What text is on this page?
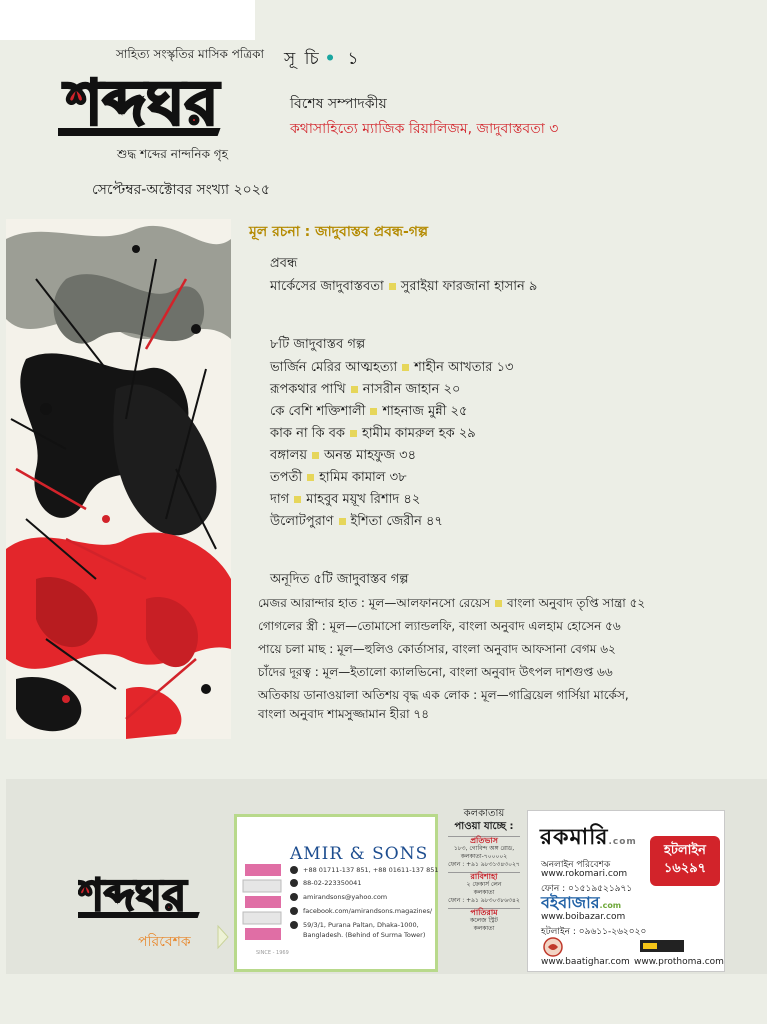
সাহিত্য সংস্কৃতির মাসিক পত্রিকা
শব্দঘর
শুদ্ধ শব্দের নান্দনিক গৃহ
সেপ্টেম্বর-অক্টোবর সংখ্যা ২০২৫
সূ চি • ১
বিশেষ সম্পাদকীয়
কথাসাহিত্যে ম্যাজিক রিয়ালিজম, জাদুবাস্তবতা ৩
মূল রচনা : জাদুবাস্তব প্রবন্ধ-গল্প
প্রবন্ধ
মার্কেসের জাদুবাস্তবতা সুরাইয়া ফারজানা হাসান ৯
৮টি জাদুবাস্তব গল্প
ভার্জিন মেরির আত্মহত্যা শাহীন আখতার ১৩
রূপকথার পাখি নাসরীন জাহান ২০
কে বেশি শক্তিশালী শাহনাজ মুন্নী ২৫
কাক না কি বক হামীম কামরুল হক ২৯
বঙ্গালয় অনন্ত মাহফুজ ৩৪
তপতী হামিম কামাল ৩৮
দাগ মাহবুব ময়ূখ রিশাদ ৪২
উলোটপুরাণ ইশিতা জেরীন ৪৭
অনূদিত ৫টি জাদুবাস্তব গল্প
মেজর আরান্দার হাত : মূল—আলফানসো রেয়েস বাংলা অনুবাদ তৃপ্তি সান্ত্রা ৫২
গোগলের স্ত্রী : মূল—তোমাসো ল্যান্ডলফি, বাংলা অনুবাদ এলহাম হোসেন ৫৬
পায়ে চলা মাছ : মূল—হুলিও কোর্তাসার, বাংলা অনুবাদ আফসানা বেগম ৬২
চাঁদের দূরত্ব : মূল—ইতালো ক্যালভিনো, বাংলা অনুবাদ উৎপল দাশগুপ্ত ৬৬
অতিকায় ডানাওয়ালা অতিশয় বৃদ্ধ এক লোক : মূল—গাব্রিয়েল গার্সিয়া মার্কেস,
বাংলা অনুবাদ শামসুজ্জামান হীরা ৭৪
শব্দঘর
পরিবেশক
SINCE - 1969
AMIR & SONS
+88 01711-137 851, +88 01611-137 851
88-02-223350041
amirandsons@yahoo.com
facebook.com/amirandsons.magazines/
59/3/1, Purana Paltan, Dhaka-1000,
Bangladesh. (Behind of Surma Tower)
কলকাতায়
পাওয়া যাচ্ছে :
প্রতিভাস
১৮৩, গোবিন্দ অঙ্গ রোড,
কলকাতা-৭০০০০২
ফোন : +৯১ ৯৮৩১৩৪৩০২৭
রাবিশাহা
২ ফেকার্স লেন
কলকাতা
ফোন : +৯১ ৯৮৩০৩৮৬৩৪২
পাতিরাম
কলেজ স্ট্রিট
কলকাতা
রকমারি.com
অনলাইন পরিবেশক
www.rokomari.com
ফোন : ০১৫১৯৫২১৯৭১
হটলাইন
১৬২৯৭
বইবাজার.com
www.boibazar.com
হটলাইন : ০৯৬১১-২৬২০২০
www.baatighar.com www.prothoma.com
